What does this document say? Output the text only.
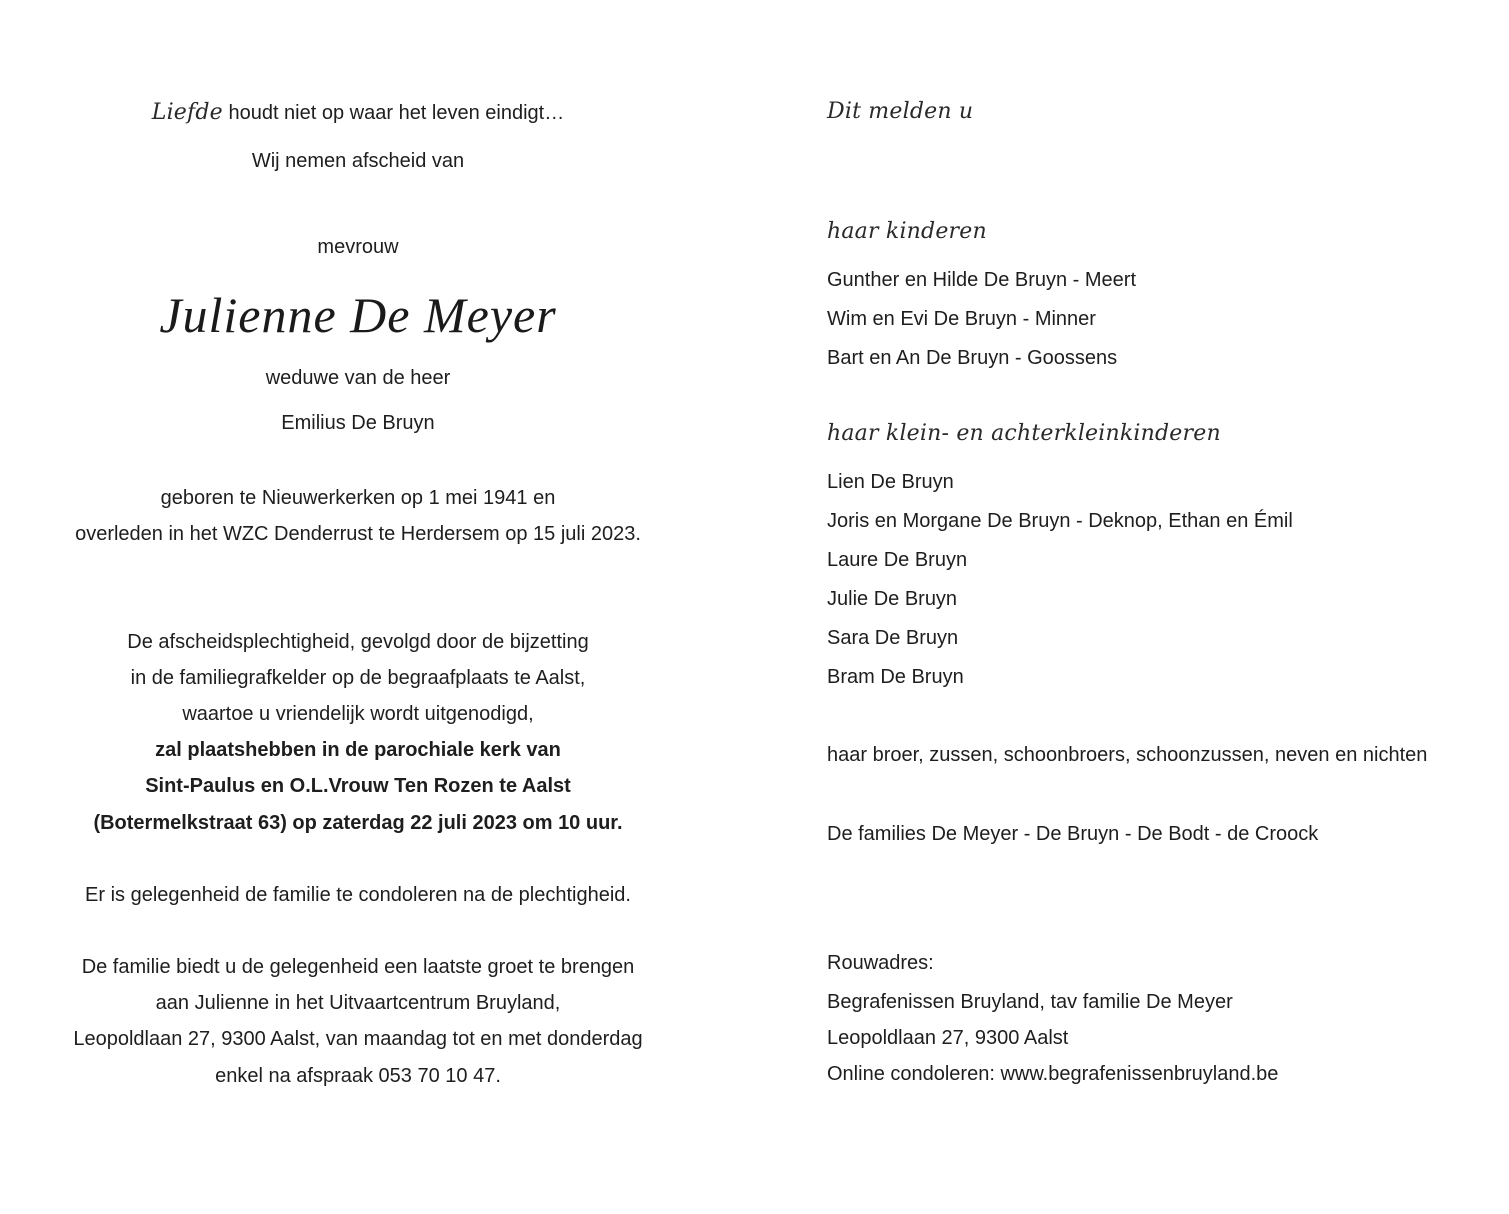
Liefde houdt niet op waar het leven eindigt…
Wij nemen afscheid van
mevrouw
Julienne De Meyer
weduwe van de heer
Emilius De Bruyn
geboren te Nieuwerkerken op 1 mei 1941 en
overleden in het WZC Denderrust te Herdersem op 15 juli 2023.
De afscheidsplechtigheid, gevolgd door de bijzetting
in de familiegrafkelder op de begraafplaats te Aalst,
waartoe u vriendelijk wordt uitgenodigd,
zal plaatshebben in de parochiale kerk van
Sint-Paulus en O.L.Vrouw Ten Rozen te Aalst
(Botermelkstraat 63) op zaterdag 22 juli 2023 om 10 uur.
Er is gelegenheid de familie te condoleren na de plechtigheid.
De familie biedt u de gelegenheid een laatste groet te brengen
aan Julienne in het Uitvaartcentrum Bruyland,
Leopoldlaan 27, 9300 Aalst, van maandag tot en met donderdag
enkel na afspraak 053 70 10 47.
Dit melden u
haar kinderen
Gunther en Hilde De Bruyn - Meert
Wim en Evi De Bruyn - Minner
Bart en An De Bruyn - Goossens
haar klein- en achterkleinkinderen
Lien De Bruyn
Joris en Morgane De Bruyn - Deknop, Ethan en Émil
Laure De Bruyn
Julie De Bruyn
Sara De Bruyn
Bram De Bruyn
haar broer, zussen, schoonbroers, schoonzussen, neven en nichten
De families De Meyer - De Bruyn - De Bodt - de Croock
Rouwadres:
Begrafenissen Bruyland, tav familie De Meyer
Leopoldlaan 27, 9300 Aalst
Online condoleren: www.begrafenissenbruyland.be
